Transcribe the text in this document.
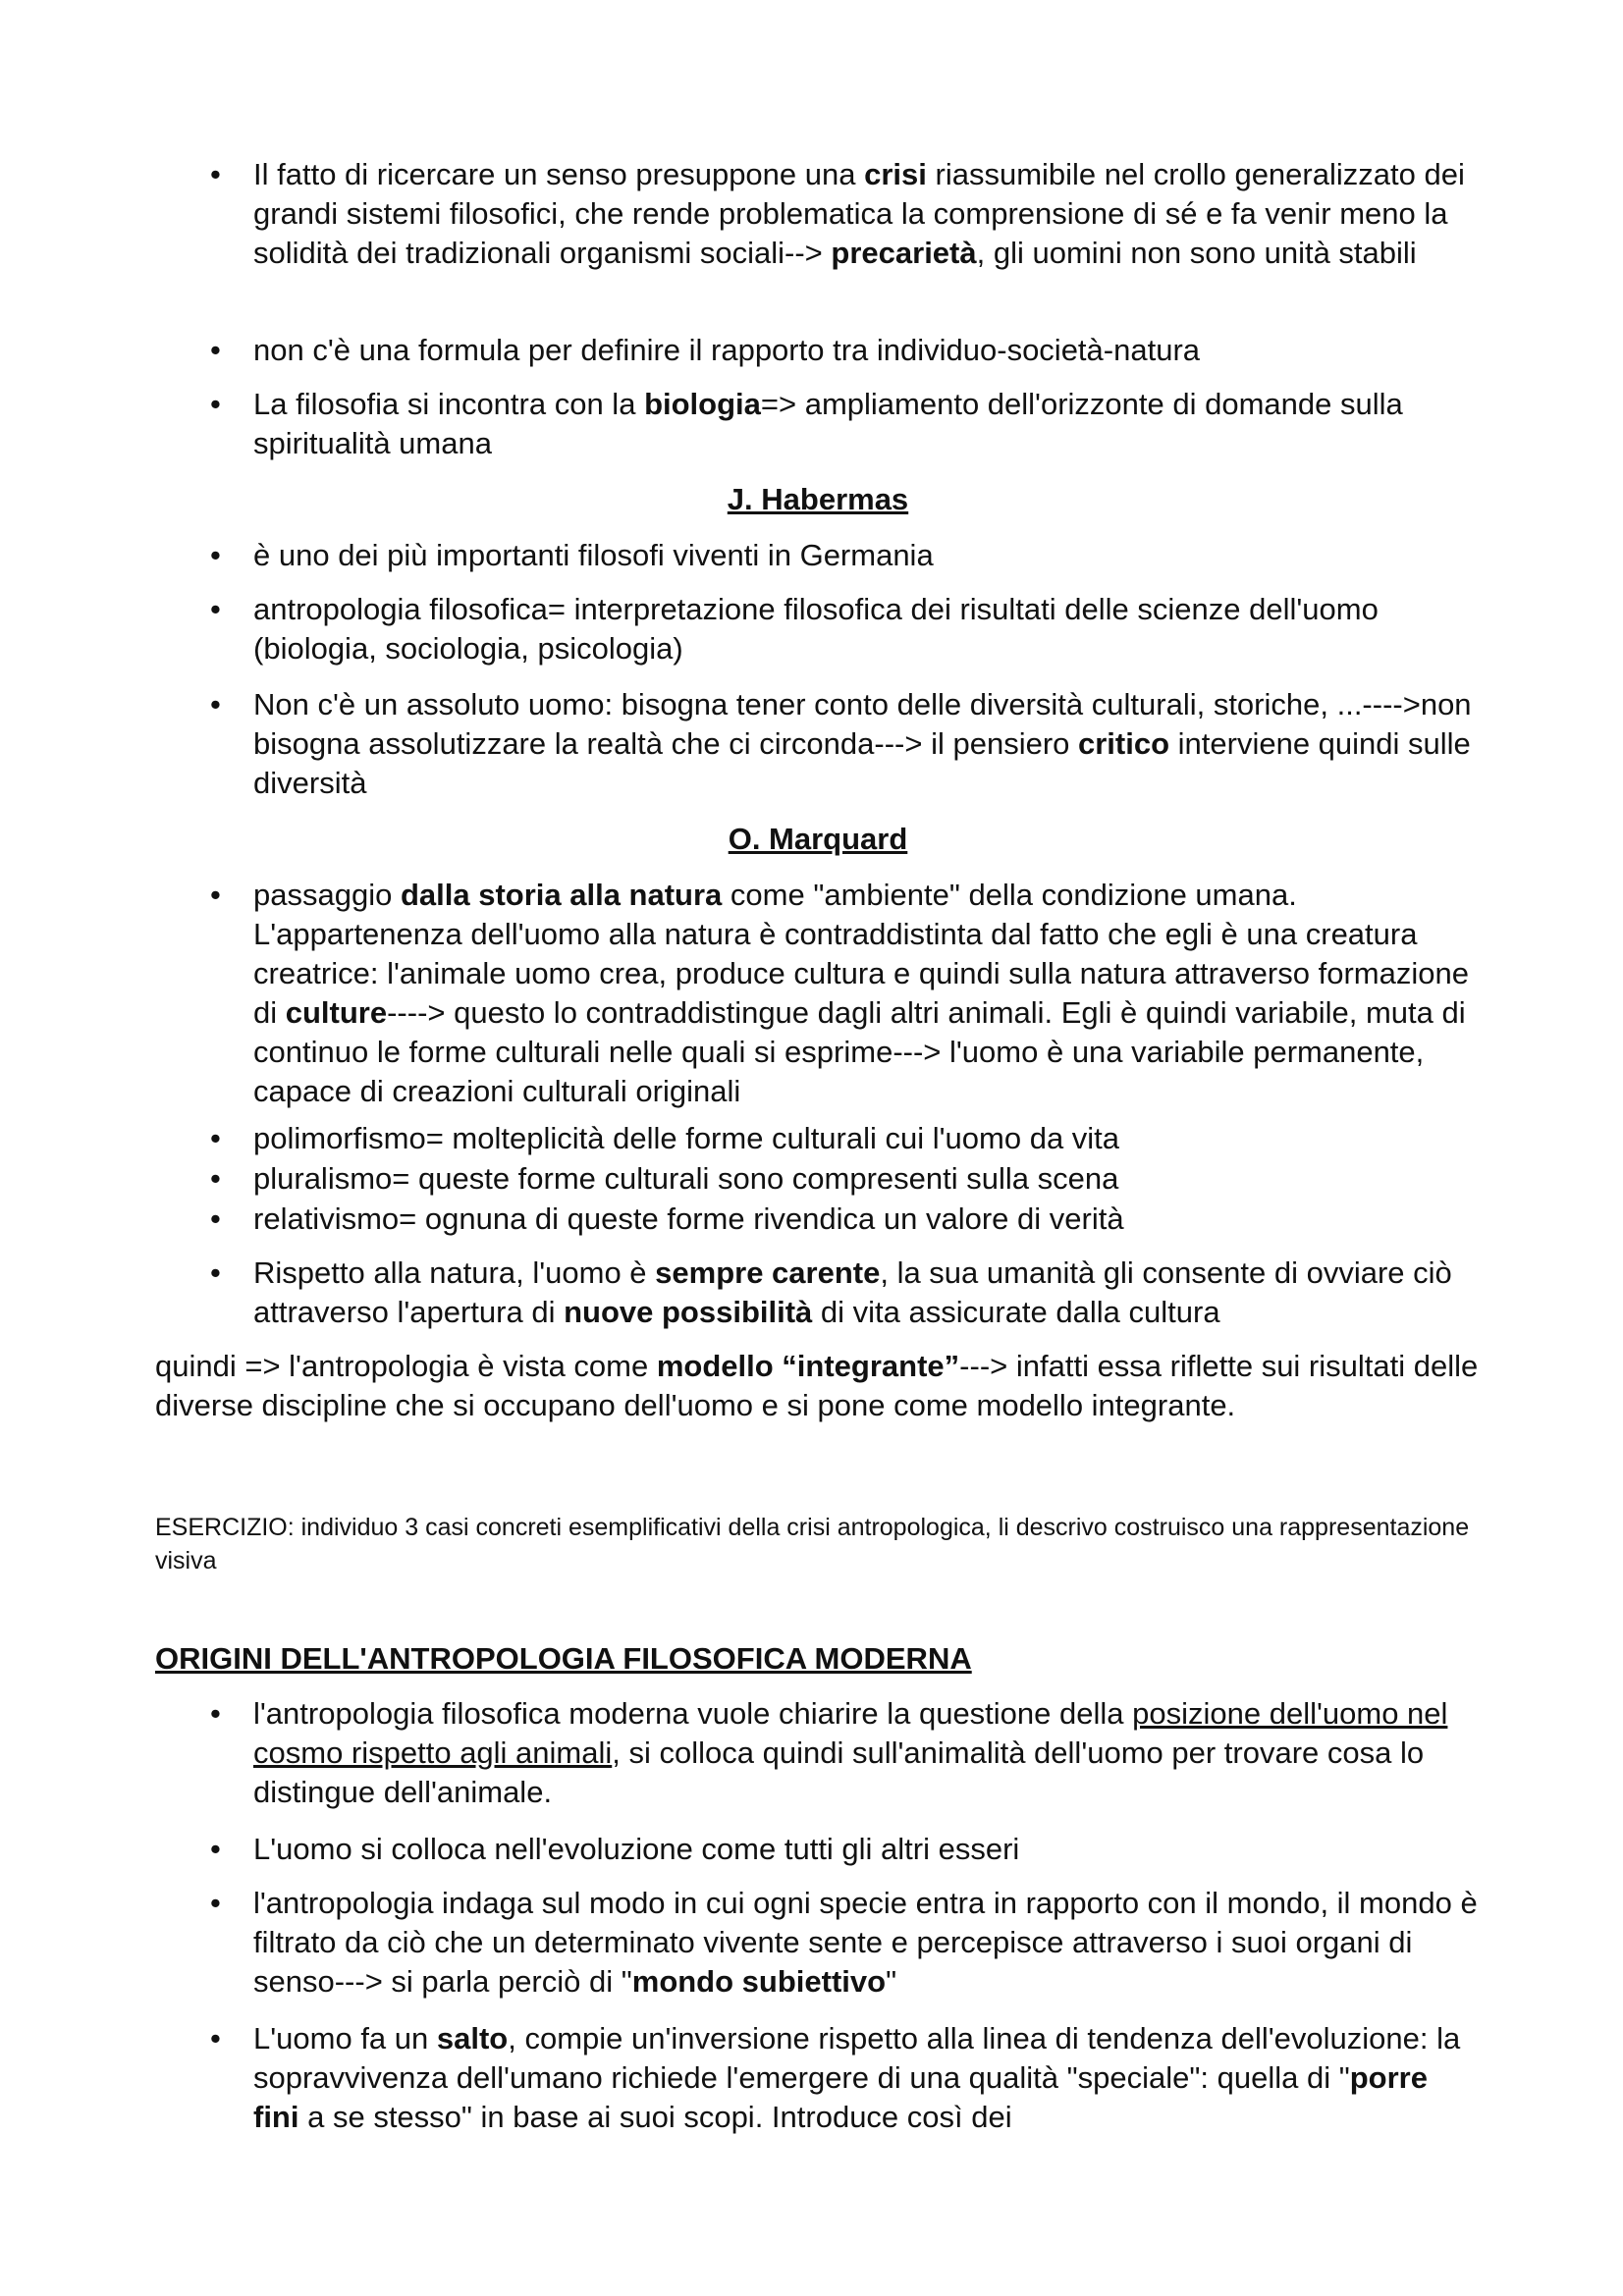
• Il fatto di ricercare un senso presuppone una crisi riassumibile nel crollo generalizzato dei grandi sistemi filosofici, che rende problematica la comprensione di sé e fa venir meno la solidità dei tradizionali organismi sociali--> precarietà, gli uomini non sono unità stabili
• non c'è una formula per definire il rapporto tra individuo-società-natura
• La filosofia si incontra con la biologia=> ampliamento dell'orizzonte di domande sulla spiritualità umana
J. Habermas
• è uno dei più importanti filosofi viventi in Germania
• antropologia filosofica= interpretazione filosofica dei risultati delle scienze dell'uomo (biologia, sociologia, psicologia)
• Non c'è un assoluto uomo: bisogna tener conto delle diversità culturali, storiche, ...---->non bisogna assolutizzare la realtà che ci circonda---> il pensiero critico interviene quindi sulle diversità
O. Marquard
• passaggio dalla storia alla natura come "ambiente" della condizione umana. L'appartenenza dell'uomo alla natura è contraddistinta dal fatto che egli è una creatura creatrice: l'animale uomo crea, produce cultura e quindi sulla natura attraverso formazione di culture----> questo lo contraddistingue dagli altri animali. Egli è quindi variabile, muta di continuo le forme culturali nelle quali si esprime---> l'uomo è una variabile permanente, capace di creazioni culturali originali
• polimorfismo= molteplicità delle forme culturali cui l'uomo da vita
• pluralismo= queste forme culturali sono compresenti sulla scena
• relativismo= ognuna di queste forme rivendica un valore di verità
• Rispetto alla natura, l'uomo è sempre carente, la sua umanità gli consente di ovviare ciò attraverso l'apertura di nuove possibilità di vita assicurate dalla cultura

quindi => l'antropologia è vista come modello “integrante”---> infatti essa riflette sui risultati delle diverse discipline che si occupano dell'uomo e si pone come modello integrante.

ESERCIZIO: individuo 3 casi concreti esemplificativi della crisi antropologica, li descrivo costruisco una rappresentazione visiva

ORIGINI DELL'ANTROPOLOGIA FILOSOFICA MODERNA
• l'antropologia filosofica moderna vuole chiarire la questione della posizione dell'uomo nel cosmo rispetto agli animali, si colloca quindi sull'animalità dell'uomo per trovare cosa lo distingue dell'animale.
• L'uomo si colloca nell'evoluzione come tutti gli altri esseri
• l'antropologia indaga sul modo in cui ogni specie entra in rapporto con il mondo, il mondo è filtrato da ciò che un determinato vivente sente e percepisce attraverso i suoi organi di senso---> si parla perciò di "mondo subiettivo"
• L'uomo fa un salto, compie un'inversione rispetto alla linea di tendenza dell'evoluzione: la sopravvivenza dell'umano richiede l'emergere di una qualità "speciale": quella di "porre fini a se stesso" in base ai suoi scopi. Introduce così dei
